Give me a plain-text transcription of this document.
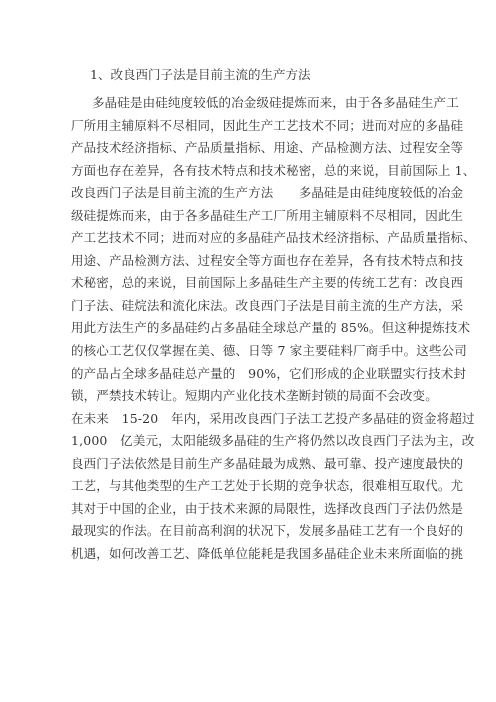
1、改良西门子法是目前主流的生产方法
多晶硅是由硅纯度较低的冶金级硅提炼而来，由于各多晶硅生产工
厂所用主辅原料不尽相同，因此生产工艺技术不同；进而对应的多晶硅
产品技术经济指标、产品质量指标、用途、产品检测方法、过程安全等
方面也存在差异，各有技术特点和技术秘密，总的来说，目前国际上 1、
改良西门子法是目前主流的生产方法　　多晶硅是由硅纯度较低的冶金
级硅提炼而来，由于各多晶硅生产工厂所用主辅原料不尽相同，因此生
产工艺技术不同；进而对应的多晶硅产品技术经济指标、产品质量指标、
用途、产品检测方法、过程安全等方面也存在差异，各有技术特点和技
术秘密，总的来说，目前国际上多晶硅生产主要的传统工艺有：改良西
门子法、硅烷法和流化床法。改良西门子法是目前主流的生产方法，采
用此方法生产的多晶硅约占多晶硅全球总产量的 85%。但这种提炼技术
的核心工艺仅仅掌握在美、德、日等 7 家主要硅料厂商手中。这些公司
的产品占全球多晶硅总产量的　90%，它们形成的企业联盟实行技术封
锁，严禁技术转让。短期内产业化技术垄断封锁的局面不会改变。
在未来　15-20　年内，采用改良西门子法工艺投产多晶硅的资金将超过
1,000　亿美元，太阳能级多晶硅的生产将仍然以改良西门子法为主，改
良西门子法依然是目前生产多晶硅最为成熟、最可靠、投产速度最快的
工艺，与其他类型的生产工艺处于长期的竞争状态，很难相互取代。尤
其对于中国的企业，由于技术来源的局限性，选择改良西门子法仍然是
最现实的作法。在目前高利润的状况下，发展多晶硅工艺有一个良好的
机遇，如何改善工艺、降低单位能耗是我国多晶硅企业未来所面临的挑
